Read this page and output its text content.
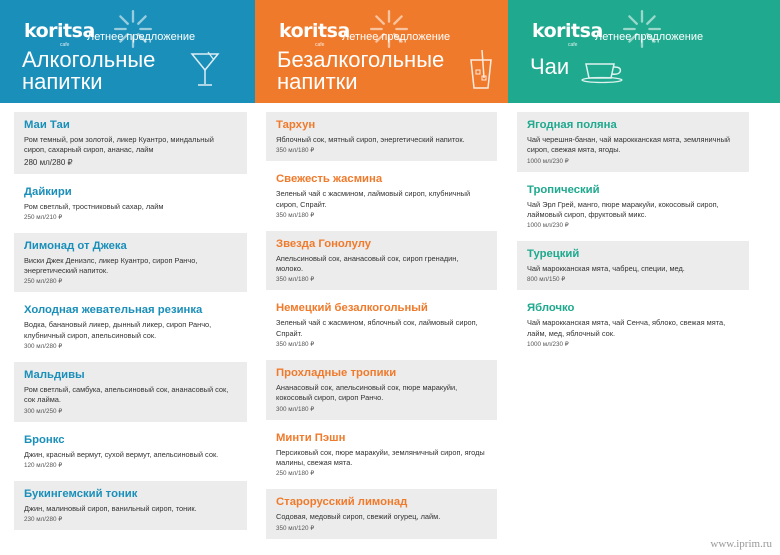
koritsa
cafe
Летнее предложение
Алкогольные
напитки
koritsa
cafe
Летнее предложение
Безалкогольные
напитки
koritsa
cafe
Летнее предложение
Чаи
Маи Таи
Ром темный, ром золотой, ликер Куантро, миндальный сироп, сахарный сироп, ананас, лайм
280 мл/280 ₽
Дайкири
Ром светлый, тростниковый сахар, лайм
250 мл/210 ₽
Лимонад от Джека
Виски Джек Дениэлс, ликер Куантро, сироп Ранчо, энергетический напиток.
250 мл/280 ₽
Холодная жевательная резинка
Водка, банановый ликер, дынный ликер, сироп Ранчо, клубничный сироп, апельсиновый сок.
300 мл/280 ₽
Мальдивы
Ром светлый, самбука, апельсиновый сок, ананасовый сок, сок лайма.
300 мл/250 ₽
Бронкс
Джин, красный вермут, сухой вермут, апельсиновый сок.
120 мл/280 ₽
Букингемский тоник
Джин, малиновый сироп, ванильный сироп, тоник.
230 мл/280 ₽
Тархун
Яблочный сок, мятный сироп, энергетический напиток.
350 мл/180 ₽
Свежесть жасмина
Зеленый чай с жасмином, лаймовый сироп, клубничный сироп, Спрайт.
350 мл/180 ₽
Звезда Гонолулу
Апельсиновый сок, ананасовый сок, сироп гренадин, молоко.
350 мл/180 ₽
Немецкий безалкогольный
Зеленый чай с жасмином, яблочный сок, лаймовый сироп, Спрайт.
350 мл/180 ₽
Прохладные тропики
Ананасовый сок, апельсиновый сок, пюре маракуйи, кокосовый сироп, сироп Ранчо.
300 мл/180 ₽
Минти Пэшн
Персиковый сок, пюре маракуйи, земляничный сироп, ягоды малины, свежая мята.
250 мл/180 ₽
Старорусский лимонад
Содовая, медовый сироп, свежий огурец, лайм.
350 мл/120 ₽
Ягодная поляна
Чай черешня-банан, чай марокканская мята, земляничный сироп, свежая мята, ягоды.
1000 мл/230 ₽
Тропический
Чай Эрл Грей, манго, пюре маракуйи, кокосовый сироп, лаймовый сироп, фруктовый микс.
1000 мл/230 ₽
Турецкий
Чай марокканская мята, чабрец, специи, мед.
800 мл/150 ₽
Яблочко
Чай марокканская мята, чай Сенча, яблоко, свежая мята, лайм, мед, яблочный сок.
1000 мл/230 ₽
www.iprim.ru
